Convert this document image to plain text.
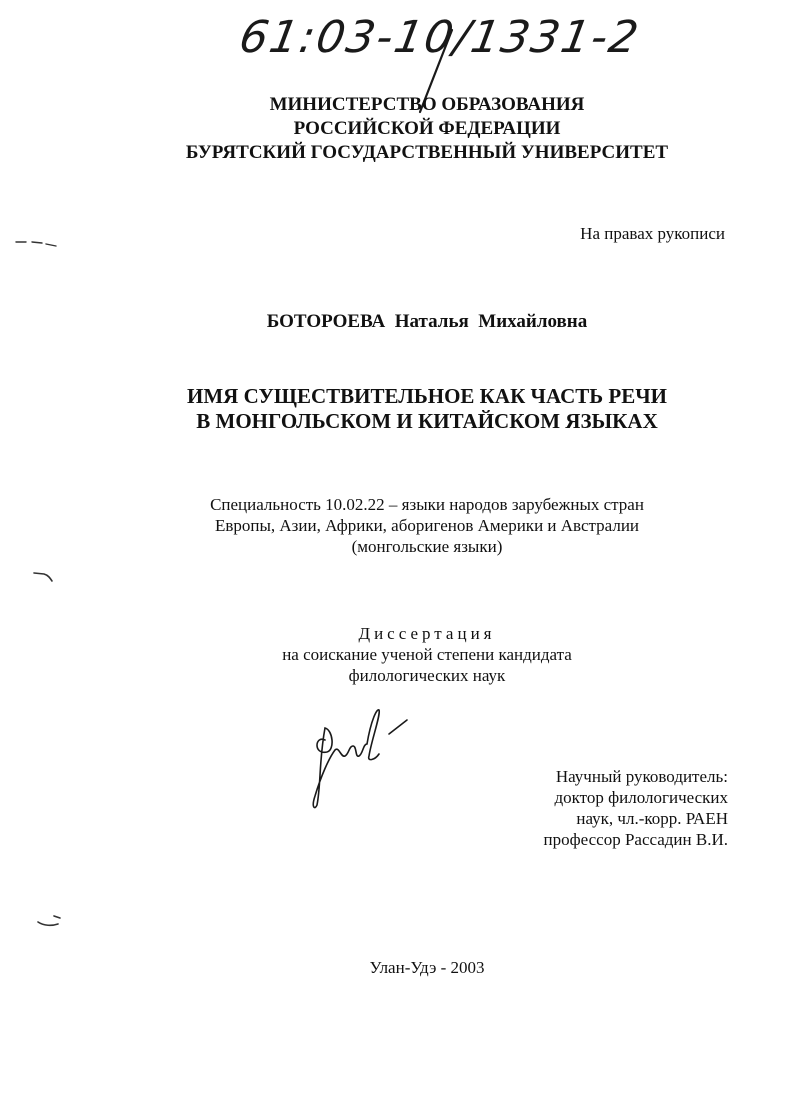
61:03-10/1331-2
МИНИСТЕРСТВО ОБРАЗОВАНИЯ
РОССИЙСКОЙ ФЕДЕРАЦИИ
БУРЯТСКИЙ ГОСУДАРСТВЕННЫЙ УНИВЕРСИТЕТ
На правах рукописи
БОТОРОЕВА  Наталья  Михайловна
ИМЯ СУЩЕСТВИТЕЛЬНОЕ КАК ЧАСТЬ РЕЧИ
В МОНГОЛЬСКОМ И КИТАЙСКОМ ЯЗЫКАХ
Специальность 10.02.22 – языки народов зарубежных стран
Европы, Азии, Африки, аборигенов Америки и Австралии
(монгольские языки)
Диссертация
на соискание ученой степени кандидата
филологических наук
Научный руководитель:
доктор филологических
наук, чл.-корр. РАЕН
профессор Рассадин В.И.
Улан-Удэ - 2003
